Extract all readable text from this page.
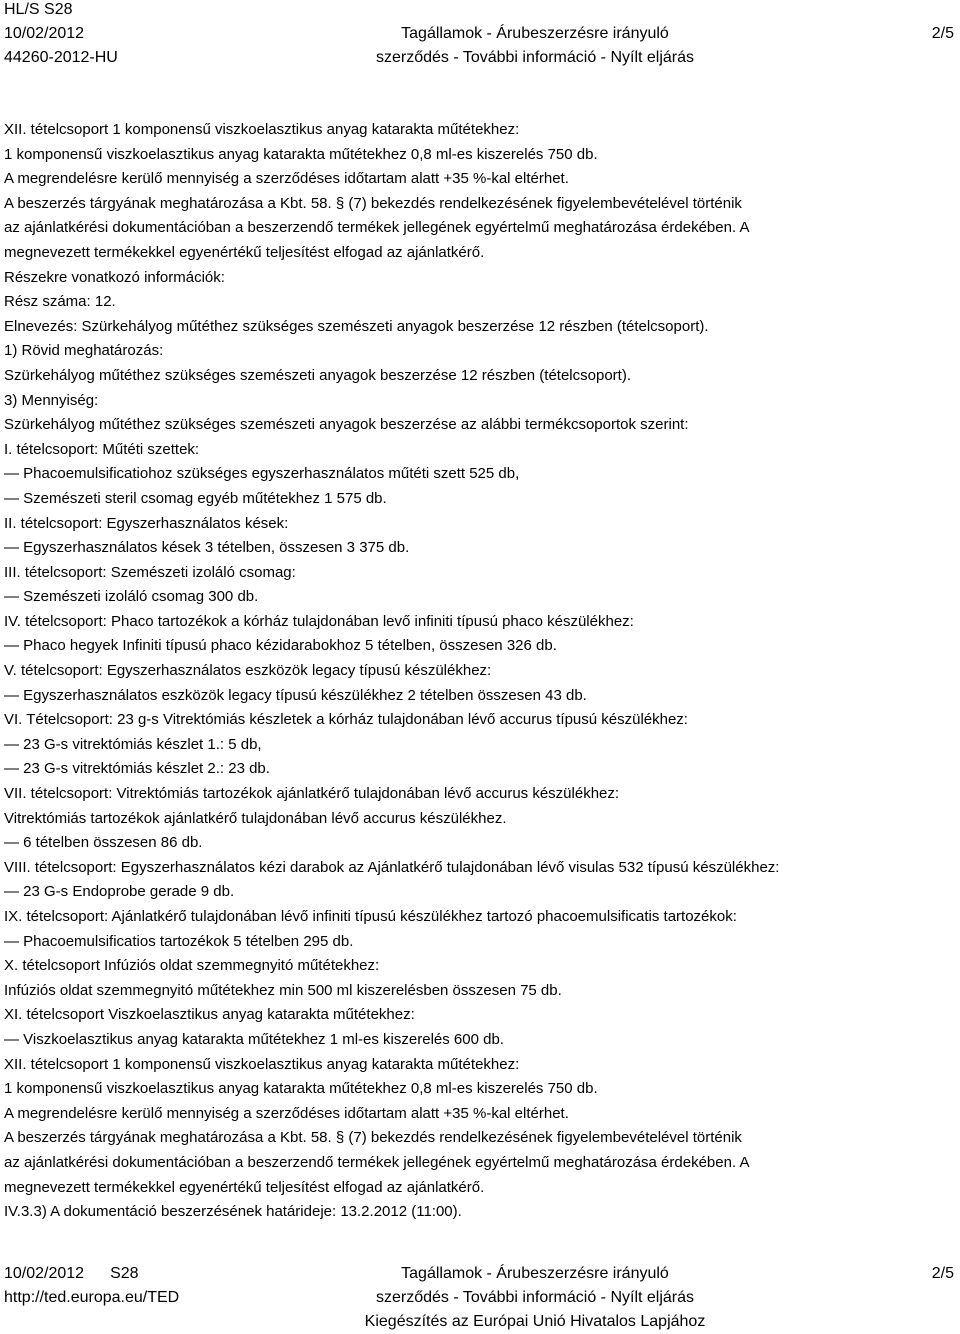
HL/S S28
10/02/2012
44260-2012-HU
Tagállamok - Árubeszerzésre irányuló
szerződés - További információ - Nyílt eljárás
2/5
XII. tételcsoport 1 komponensű viszkoelasztikus anyag katarakta műtétekhez:
1 komponensű viszkoelasztikus anyag katarakta műtétekhez 0,8 ml-es kiszerelés 750 db.
A megrendelésre kerülő mennyiség a szerződéses időtartam alatt +35 %-kal eltérhet.
A beszerzés tárgyának meghatározása a Kbt. 58. § (7) bekezdés rendelkezésének figyelembevételével történik
az ajánlatkérési dokumentációban a beszerzendő termékek jellegének egyértelmű meghatározása érdekében. A
megnevezett termékekkel egyenértékű teljesítést elfogad az ajánlatkérő.
Részekre vonatkozó információk:
Rész száma: 12.
Elnevezés: Szürkehályog műtéthez szükséges szemészeti anyagok beszerzése 12 részben (tételcsoport).
1) Rövid meghatározás:
Szürkehályog műtéthez szükséges szemészeti anyagok beszerzése 12 részben (tételcsoport).
3) Mennyiség:
Szürkehályog műtéthez szükséges szemészeti anyagok beszerzése az alábbi termékcsoportok szerint:
I. tételcsoport: Műtéti szettek:
— Phacoemulsificatiohoz szükséges egyszerhasználatos műtéti szett 525 db,
— Szemészeti steril csomag egyéb műtétekhez 1 575 db.
II. tételcsoport: Egyszerhasználatos kések:
— Egyszerhasználatos kések 3 tételben, összesen 3 375 db.
III. tételcsoport: Szemészeti izoláló csomag:
— Szemészeti izoláló csomag 300 db.
IV. tételcsoport: Phaco tartozékok a kórház tulajdonában levő infiniti típusú phaco készülékhez:
— Phaco hegyek Infiniti típusú phaco kézidarabokhoz 5 tételben, összesen 326 db.
V. tételcsoport: Egyszerhasználatos eszközök legacy típusú készülékhez:
— Egyszerhasználatos eszközök legacy típusú készülékhez 2 tételben összesen 43 db.
VI. Tételcsoport: 23 g-s Vitrektómiás készletek a kórház tulajdonában lévő accurus típusú készülékhez:
— 23 G-s vitrektómiás készlet 1.: 5 db,
— 23 G-s vitrektómiás készlet 2.: 23 db.
VII. tételcsoport: Vitrektómiás tartozékok ajánlatkérő tulajdonában lévő accurus készülékhez:
Vitrektómiás tartozékok ajánlatkérő tulajdonában lévő accurus készülékhez.
— 6 tételben összesen 86 db.
VIII. tételcsoport: Egyszerhasználatos kézi darabok az Ajánlatkérő tulajdonában lévő visulas 532 típusú készülékhez:
— 23 G-s Endoprobe gerade 9 db.
IX. tételcsoport: Ajánlatkérő tulajdonában lévő infiniti típusú készülékhez tartozó phacoemulsificatis tartozékok:
— Phacoemulsificatios tartozékok 5 tételben 295 db.
X. tételcsoport Infúziós oldat szemmegnyitó műtétekhez:
Infúziós oldat szemmegnyitó műtétekhez min 500 ml kiszerelésben összesen 75 db.
XI. tételcsoport Viszkoelasztikus anyag katarakta műtétekhez:
— Viszkoelasztikus anyag katarakta műtétekhez 1 ml-es kiszerelés 600 db.
XII. tételcsoport 1 komponensű viszkoelasztikus anyag katarakta műtétekhez:
1 komponensű viszkoelasztikus anyag katarakta műtétekhez 0,8 ml-es kiszerelés 750 db.
A megrendelésre kerülő mennyiség a szerződéses időtartam alatt +35 %-kal eltérhet.
A beszerzés tárgyának meghatározása a Kbt. 58. § (7) bekezdés rendelkezésének figyelembevételével történik
az ajánlatkérési dokumentációban a beszerzendő termékek jellegének egyértelmű meghatározása érdekében. A
megnevezett termékekkel egyenértékű teljesítést elfogad az ajánlatkérő.
IV.3.3) A dokumentáció beszerzésének határideje: 13.2.2012 (11:00).
10/02/2012 S28
http://ted.europa.eu/TED
Tagállamok - Árubeszerzésre irányuló
szerződés - További információ - Nyílt eljárás
Kiegészítés az Európai Unió Hivatalos Lapjához
2/5
